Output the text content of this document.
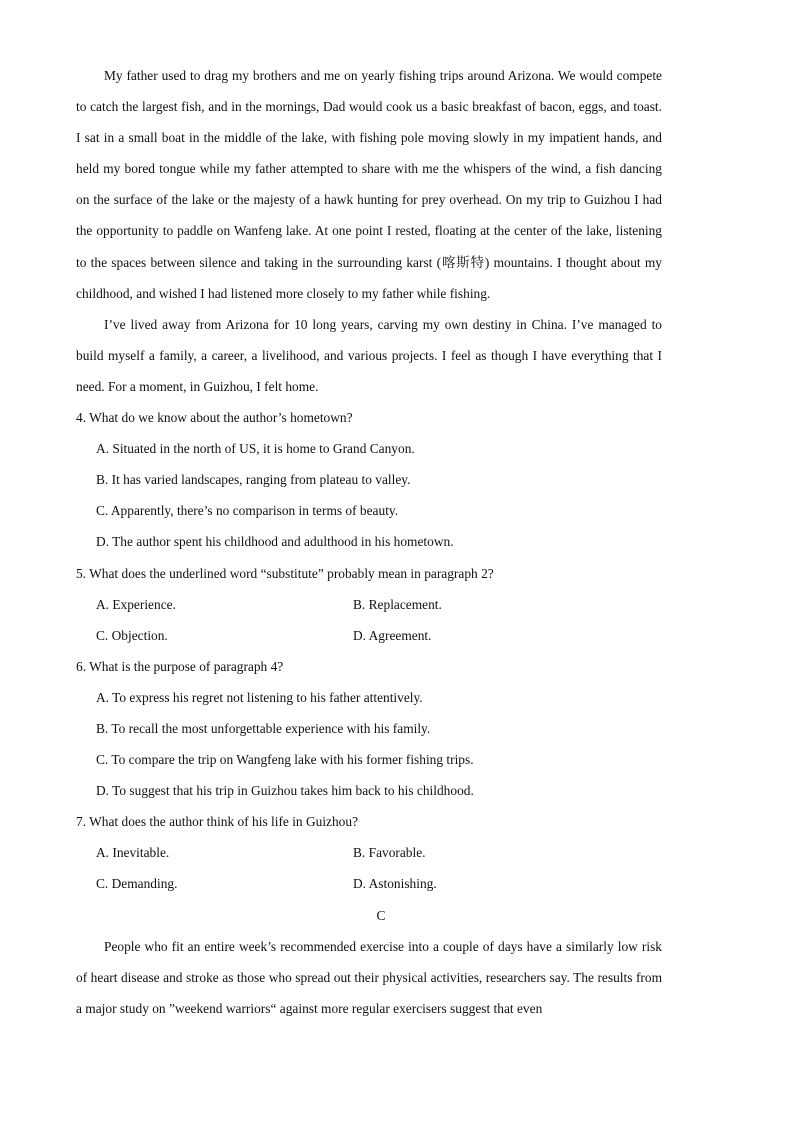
My father used to drag my brothers and me on yearly fishing trips around Arizona. We would compete to catch the largest fish, and in the mornings, Dad would cook us a basic breakfast of bacon, eggs, and toast. I sat in a small boat in the middle of the lake, with fishing pole moving slowly in my impatient hands, and held my bored tongue while my father attempted to share with me the whispers of the wind, a fish dancing on the surface of the lake or the majesty of a hawk hunting for prey overhead. On my trip to Guizhou I had the opportunity to paddle on Wanfeng lake. At one point I rested, floating at the center of the lake, listening to the spaces between silence and taking in the surrounding karst (喀斯特) mountains. I thought about my childhood, and wished I had listened more closely to my father while fishing.

I’ve lived away from Arizona for 10 long years, carving my own destiny in China. I’ve managed to build myself a family, a career, a livelihood, and various projects. I feel as though I have everything that I need. For a moment, in Guizhou, I felt home.

4. What do we know about the author’s hometown?

A. Situated in the north of US, it is home to Grand Canyon.

B. It has varied landscapes, ranging from plateau to valley.

C. Apparently, there’s no comparison in terms of beauty.

D. The author spent his childhood and adulthood in his hometown.

5. What does the underlined word “substitute” probably mean in paragraph 2?

A. Experience.	B. Replacement.
C. Objection.	D. Agreement.

6. What is the purpose of paragraph 4?

A. To express his regret not listening to his father attentively.

B. To recall the most unforgettable experience with his family.

C. To compare the trip on Wangfeng lake with his former fishing trips.

D. To suggest that his trip in Guizhou takes him back to his childhood.

7. What does the author think of his life in Guizhou?

A. Inevitable.	B. Favorable.
C. Demanding.	D. Astonishing.

C

People who fit an entire week’s recommended exercise into a couple of days have a similarly low risk of heart disease and stroke as those who spread out their physical activities, researchers say. The results from a major study on ”weekend warriors“ against more regular exercisers suggest that even
